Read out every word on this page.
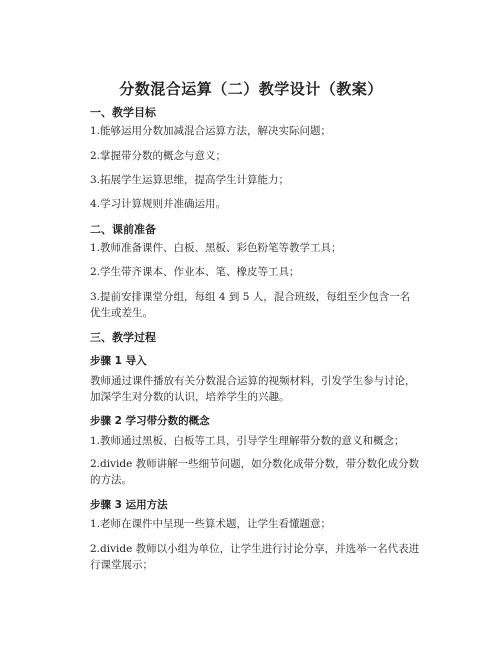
分数混合运算（二）教学设计（教案）
一、教学目标
1.能够运用分数加减混合运算方法，解决实际问题；
2.掌握带分数的概念与意义；
3.拓展学生运算思维，提高学生计算能力；
4.学习计算规则并准确运用。
二、课前准备
1.教师准备课件、白板、黑板、彩色粉笔等教学工具；
2.学生带齐课本、作业本、笔、橡皮等工具；
3.提前安排课堂分组，每组 4 到 5 人，混合班级，每组至少包含一名优生或差生。
三、教学过程
步骤 1 导入
教师通过课件播放有关分数混合运算的视频材料，引发学生参与讨论，加深学生对分数的认识，培养学生的兴趣。
步骤 2 学习带分数的概念
1.教师通过黑板、白板等工具，引导学生理解带分数的意义和概念；
2.divide 教师讲解一些细节问题，如分数化成带分数，带分数化成分数的方法。
步骤 3 运用方法
1.老师在课件中呈现一些算术题，让学生看懂题意；
2.divide 教师以小组为单位，让学生进行讨论分享，并选举一名代表进行课堂展示；
